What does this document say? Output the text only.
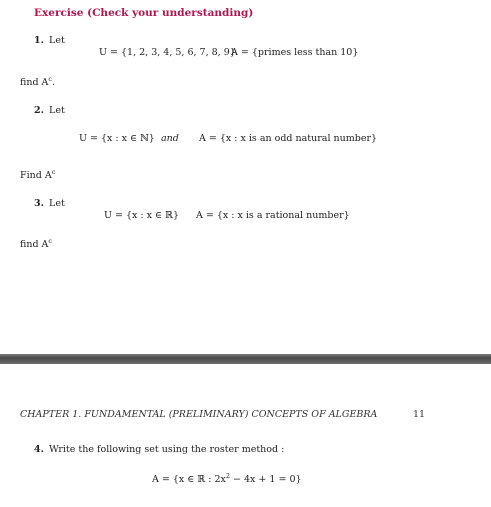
Exercise (Check your understanding)
1. Let
U = {1, 2, 3, 4, 5, 6, 7, 8, 9}
A = {primes less than 10}
find $A^c$.
2. Let
U = {x : x ∈ ℕ} and A = {x : x is an odd natural number}
Find $A^c$
3. Let
U = {x : x ∈ ℝ} A = {x : x is a rational number}
find $A^c$
CHAPTER 1. FUNDAMENTAL (PRELIMINARY) CONCEPTS OF ALGEBRA	11
4. Write the following set using the roster method :
A = {x ∈ ℝ : $2x^2 - 4x + 1 = 0$}
